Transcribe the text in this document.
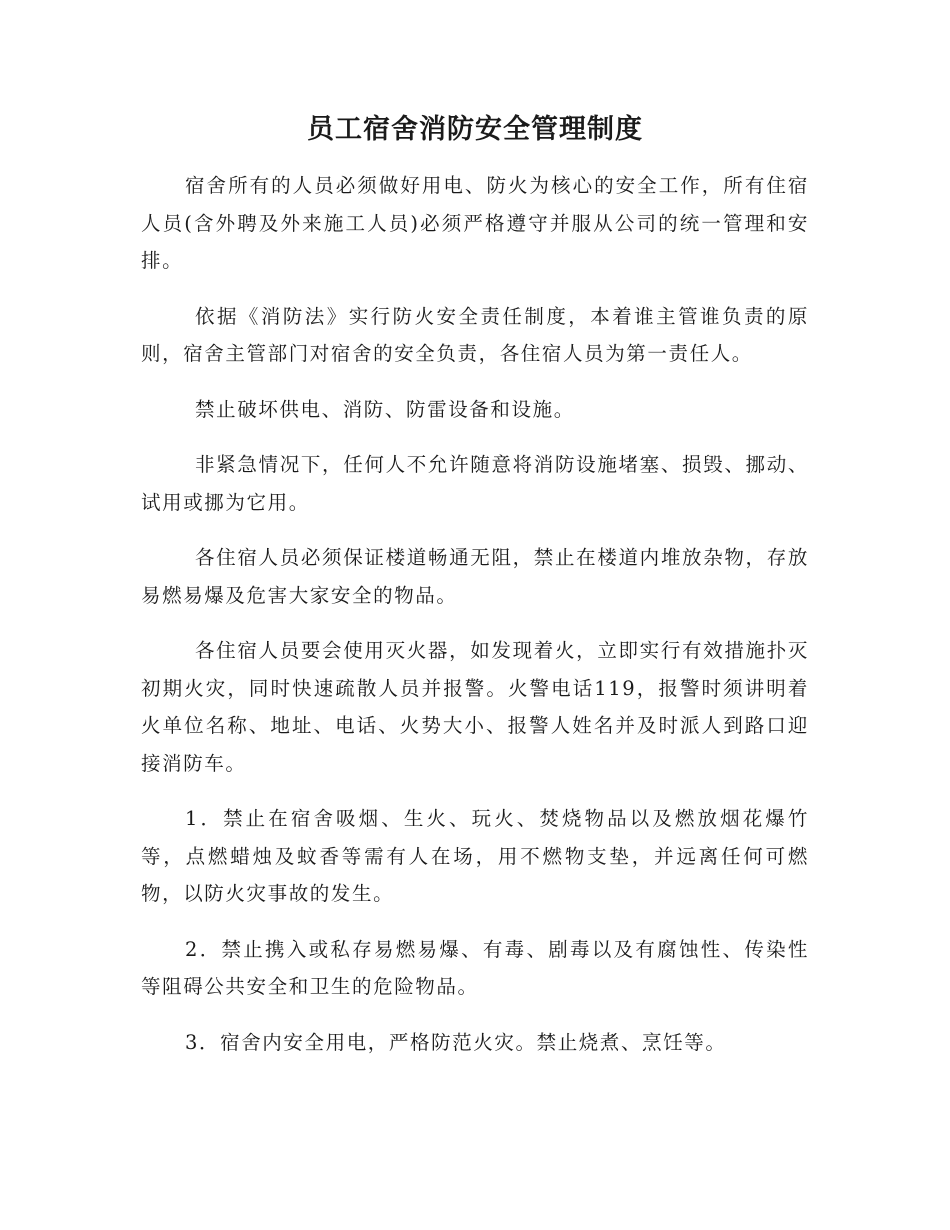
员工宿舍消防安全管理制度

宿舍所有的人员必须做好用电、防火为核心的安全工作，所有住宿人员(含外聘及外来施工人员)必须严格遵守并服从公司的统一管理和安排。

依据《消防法》实行防火安全责任制度，本着谁主管谁负责的原则，宿舍主管部门对宿舍的安全负责，各住宿人员为第一责任人。

禁止破坏供电、消防、防雷设备和设施。

非紧急情况下，任何人不允许随意将消防设施堵塞、损毁、挪动、试用或挪为它用。

各住宿人员必须保证楼道畅通无阻，禁止在楼道内堆放杂物，存放易燃易爆及危害大家安全的物品。

各住宿人员要会使用灭火器，如发现着火，立即实行有效措施扑灭初期火灾，同时快速疏散人员并报警。火警电话119，报警时须讲明着火单位名称、地址、电话、火势大小、报警人姓名并及时派人到路口迎接消防车。

1．禁止在宿舍吸烟、生火、玩火、焚烧物品以及燃放烟花爆竹等，点燃蜡烛及蚊香等需有人在场，用不燃物支垫，并远离任何可燃物，以防火灾事故的发生。

2．禁止携入或私存易燃易爆、有毒、剧毒以及有腐蚀性、传染性等阻碍公共安全和卫生的危险物品。

3．宿舍内安全用电，严格防范火灾。禁止烧煮、烹饪等。
